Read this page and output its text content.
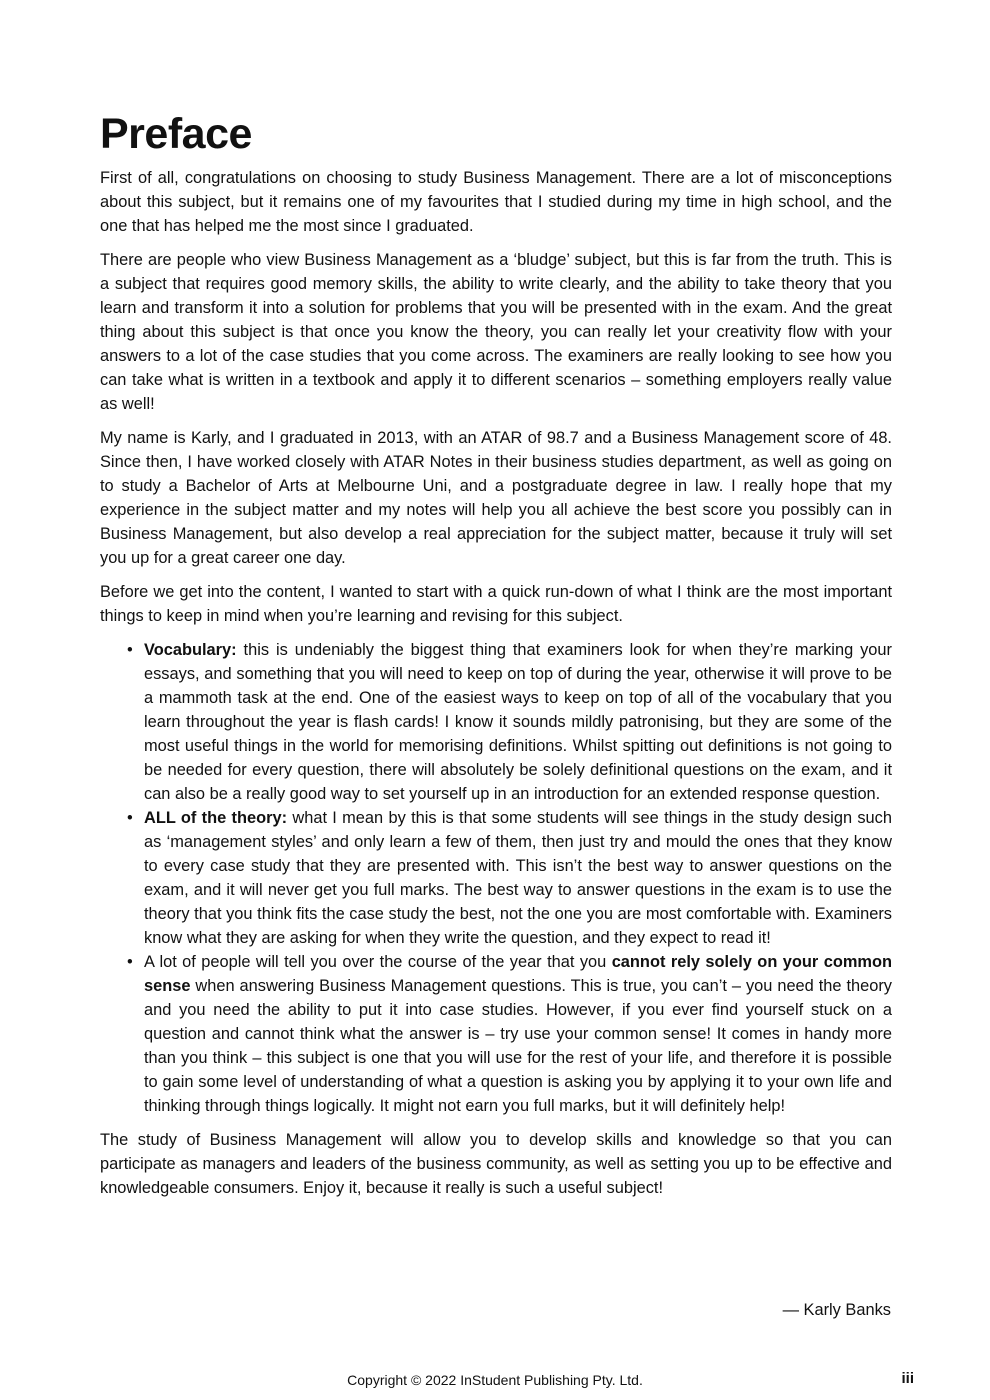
Preface

First of all, congratulations on choosing to study Business Management. There are a lot of misconceptions about this subject, but it remains one of my favourites that I studied during my time in high school, and the one that has helped me the most since I graduated.

There are people who view Business Management as a ‘bludge’ subject, but this is far from the truth. This is a subject that requires good memory skills, the ability to write clearly, and the ability to take theory that you learn and transform it into a solution for problems that you will be presented with in the exam. And the great thing about this subject is that once you know the theory, you can really let your creativity flow with your answers to a lot of the case studies that you come across. The examiners are really looking to see how you can take what is written in a textbook and apply it to different scenarios – something employers really value as well!

My name is Karly, and I graduated in 2013, with an ATAR of 98.7 and a Business Management score of 48. Since then, I have worked closely with ATAR Notes in their business studies department, as well as going on to study a Bachelor of Arts at Melbourne Uni, and a postgraduate degree in law. I really hope that my experience in the subject matter and my notes will help you all achieve the best score you possibly can in Business Management, but also develop a real appreciation for the subject matter, because it truly will set you up for a great career one day.

Before we get into the content, I wanted to start with a quick run-down of what I think are the most important things to keep in mind when you’re learning and revising for this subject.

• Vocabulary: this is undeniably the biggest thing that examiners look for when they’re marking your essays, and something that you will need to keep on top of during the year, otherwise it will prove to be a mammoth task at the end. One of the easiest ways to keep on top of all of the vocabulary that you learn throughout the year is flash cards! I know it sounds mildly patronising, but they are some of the most useful things in the world for memorising definitions. Whilst spitting out definitions is not going to be needed for every question, there will absolutely be solely definitional questions on the exam, and it can also be a really good way to set yourself up in an introduction for an extended response question.
• ALL of the theory: what I mean by this is that some students will see things in the study design such as ‘management styles’ and only learn a few of them, then just try and mould the ones that they know to every case study that they are presented with. This isn’t the best way to answer questions on the exam, and it will never get you full marks. The best way to answer questions in the exam is to use the theory that you think fits the case study the best, not the one you are most comfortable with. Examiners know what they are asking for when they write the question, and they expect to read it!
• A lot of people will tell you over the course of the year that you cannot rely solely on your common sense when answering Business Management questions. This is true, you can’t – you need the theory and you need the ability to put it into case studies. However, if you ever find yourself stuck on a question and cannot think what the answer is – try use your common sense! It comes in handy more than you think – this subject is one that you will use for the rest of your life, and therefore it is possible to gain some level of understanding of what a question is asking you by applying it to your own life and thinking through things logically. It might not earn you full marks, but it will definitely help!

The study of Business Management will allow you to develop skills and knowledge so that you can participate as managers and leaders of the business community, as well as setting you up to be effective and knowledgeable consumers. Enjoy it, because it really is such a useful subject!

— Karly Banks
Copyright © 2022 InStudent Publishing Pty. Ltd.	iii
